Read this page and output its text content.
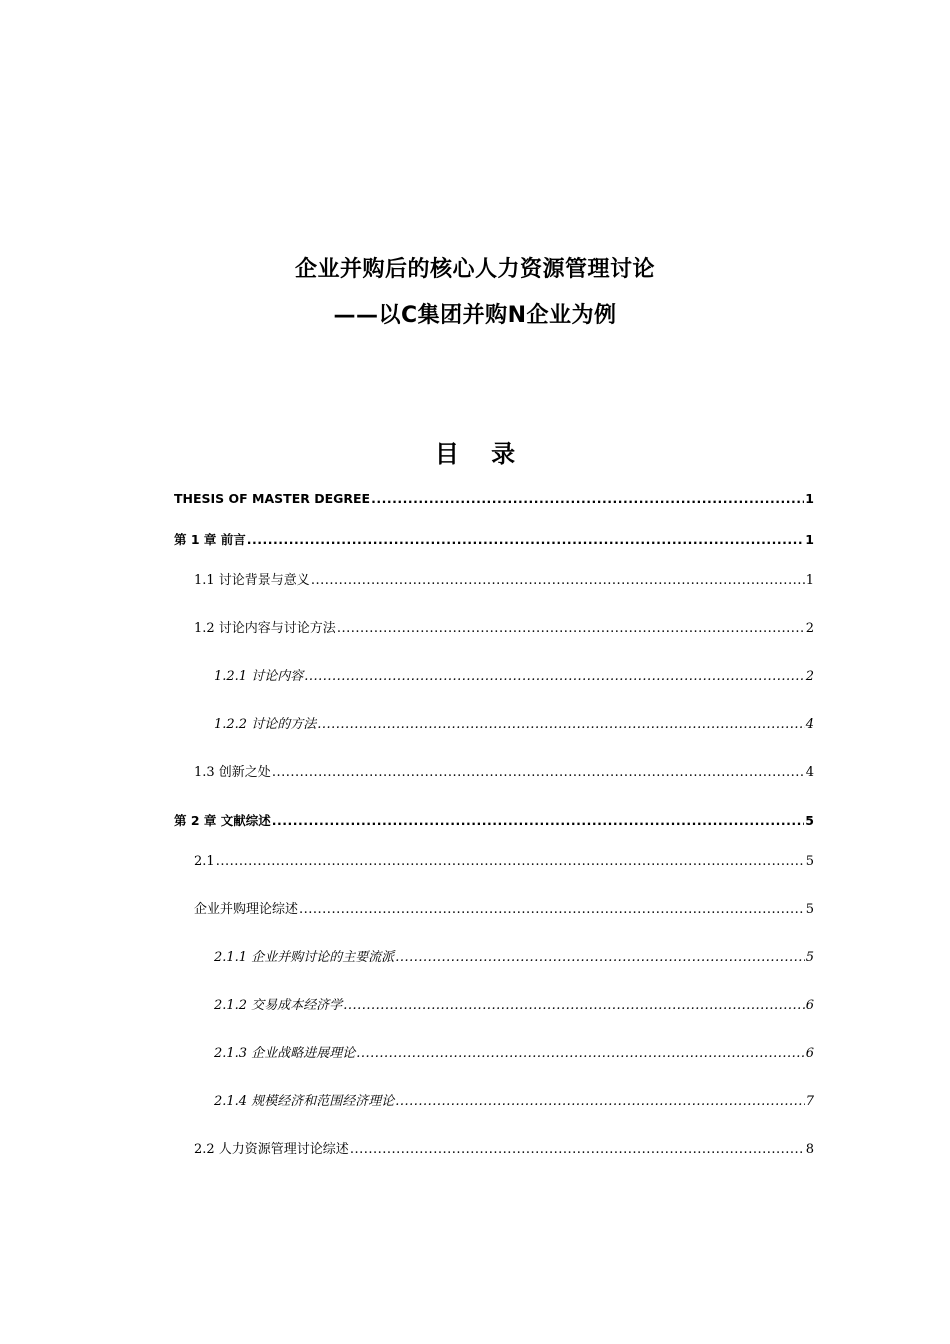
企业并购后的核心人力资源管理讨论
——以C集团并购N企业为例
目 录
THESIS OF MASTER DEGREE .....	1
第 1 章 前言 .....	1
1.1 讨论背景与意义 .....	1
1.2 讨论内容与讨论方法 .....	2
1.2.1 讨论内容 .....	2
1.2.2 讨论的方法 .....	4
1.3 创新之处 .....	4
第 2 章 文献综述 .....	5
2.1 .....	5
企业并购理论综述 .....	5
2.1.1 企业并购讨论的主要流派 .....	5
2.1.2 交易成本经济学 .....	6
2.1.3 企业战略进展理论 .....	6
2.1.4 规模经济和范围经济理论 .....	7
2.2 人力资源管理讨论综述 .....	8
